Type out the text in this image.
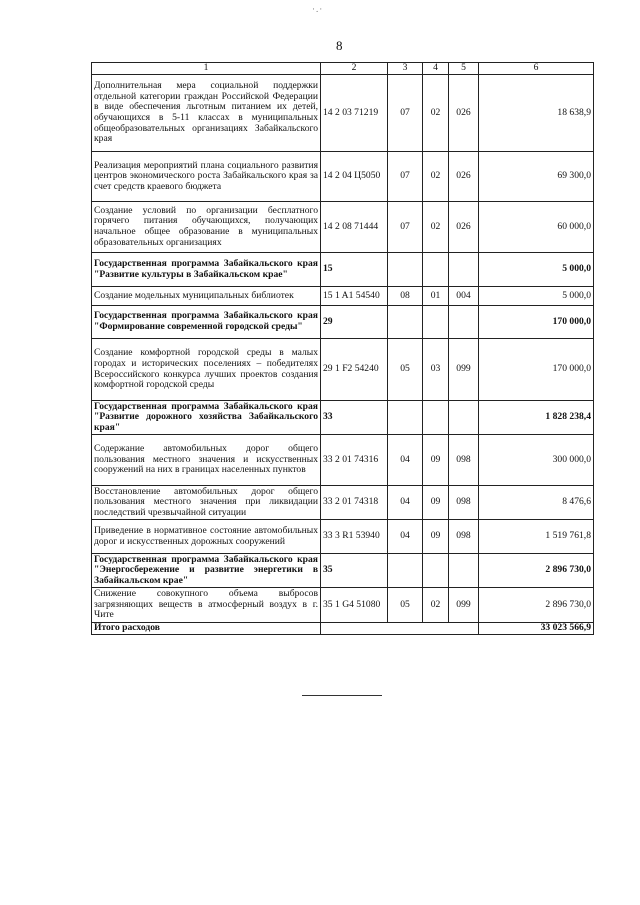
·.·
8
1	2	3	4	5	6
Дополнительная мера социальной поддержки отдельной категории граждан Российской Федерации в виде обеспечения льготным питанием их детей, обучающихся в 5-11 классах в муниципальных общеобразовательных организациях Забайкальского края	14 2 03 71219	07	02	026	18 638,9
Реализация мероприятий плана социального развития центров экономического роста Забайкальского края за счет средств краевого бюджета	14 2 04 Ц5050	07	02	026	69 300,0
Создание условий по организации бесплатного горячего питания обучающихся, получающих начальное общее образование в муниципальных образовательных организациях	14 2 08 71444	07	02	026	60 000,0
Государственная программа Забайкальского края "Развитие культуры в Забайкальском крае"	15				5 000,0
Создание модельных муниципальных библиотек	15 1 A1 54540	08	01	004	5 000,0
Государственная программа Забайкальского края "Формирование современной городской среды"	29				170 000,0
Создание комфортной городской среды в малых городах и исторических поселениях – победителях Всероссийского конкурса лучших проектов создания комфортной городской среды	29 1 F2 54240	05	03	099	170 000,0
Государственная программа Забайкальского края "Развитие дорожного хозяйства Забайкальского края"	33				1 828 238,4
Содержание автомобильных дорог общего пользования местного значения и искусственных сооружений на них в границах населенных пунктов	33 2 01 74316	04	09	098	300 000,0
Восстановление автомобильных дорог общего пользования местного значения при ликвидации последствий чрезвычайной ситуации	33 2 01 74318	04	09	098	8 476,6
Приведение в нормативное состояние автомобильных дорог и искусственных дорожных сооружений	33 3 R1 53940	04	09	098	1 519 761,8
Государственная программа Забайкальского края "Энергосбережение и развитие энергетики в Забайкальском крае"	35				2 896 730,0
Снижение совокупного объема выбросов загрязняющих веществ в атмосферный воздух в г. Чите	35 1 G4 51080	05	02	099	2 896 730,0
Итого расходов					33 023 566,9
